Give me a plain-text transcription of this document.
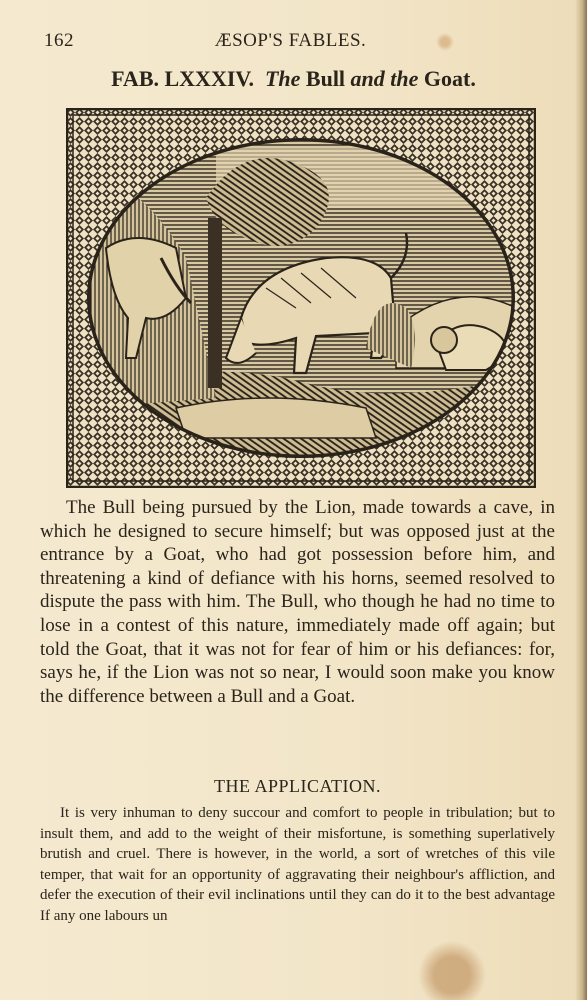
162	ÆSOP'S FABLES.
FAB. LXXXIV. The Bull and the Goat.

The Bull being pursued by the Lion, made towards a cave, in which he designed to secure himself; but was opposed just at the entrance by a Goat, who had got possession before him, and threatening a kind of defiance with his horns, seemed resolved to dispute the pass with him. The Bull, who though he had no time to lose in a contest of this nature, immediately made off again; but told the Goat, that it was not for fear of him or his defiances: for, says he, if the Lion was not so near, I would soon make you know the difference between a Bull and a Goat.

THE APPLICATION.

It is very inhuman to deny succour and comfort to people in tribulation; but to insult them, and add to the weight of their misfortune, is something superlatively brutish and cruel. There is however, in the world, a sort of wretches of this vile temper, that wait for an opportunity of aggravating their neighbour's affliction, and defer the execution of their evil inclinations until they can do it to the best advantage If any one labours un
